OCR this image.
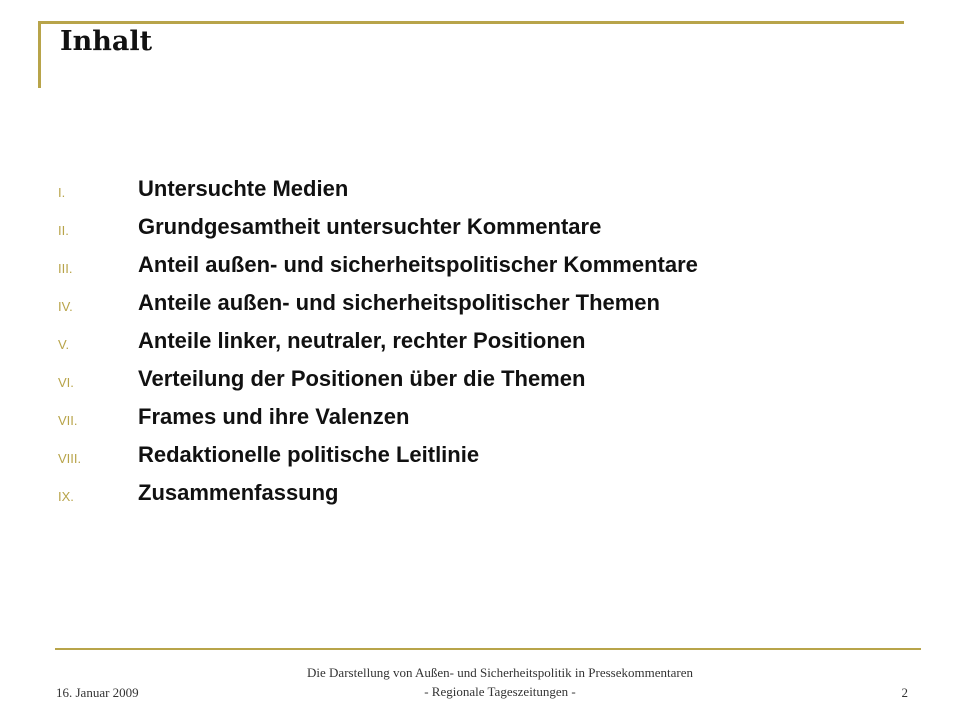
Inhalt
I.	Untersuchte Medien
II.	Grundgesamtheit untersuchter Kommentare
III.	Anteil außen- und sicherheitspolitischer Kommentare
IV.	Anteile außen- und sicherheitspolitischer Themen
V.	Anteile linker, neutraler, rechter Positionen
VI.	Verteilung der Positionen über die Themen
VII.	Frames und ihre Valenzen
VIII.	Redaktionelle politische Leitlinie
IX.	Zusammenfassung
16. Januar 2009
Die Darstellung von Außen- und Sicherheitspolitik in Pressekommentaren
- Regionale Tageszeitungen -	2
